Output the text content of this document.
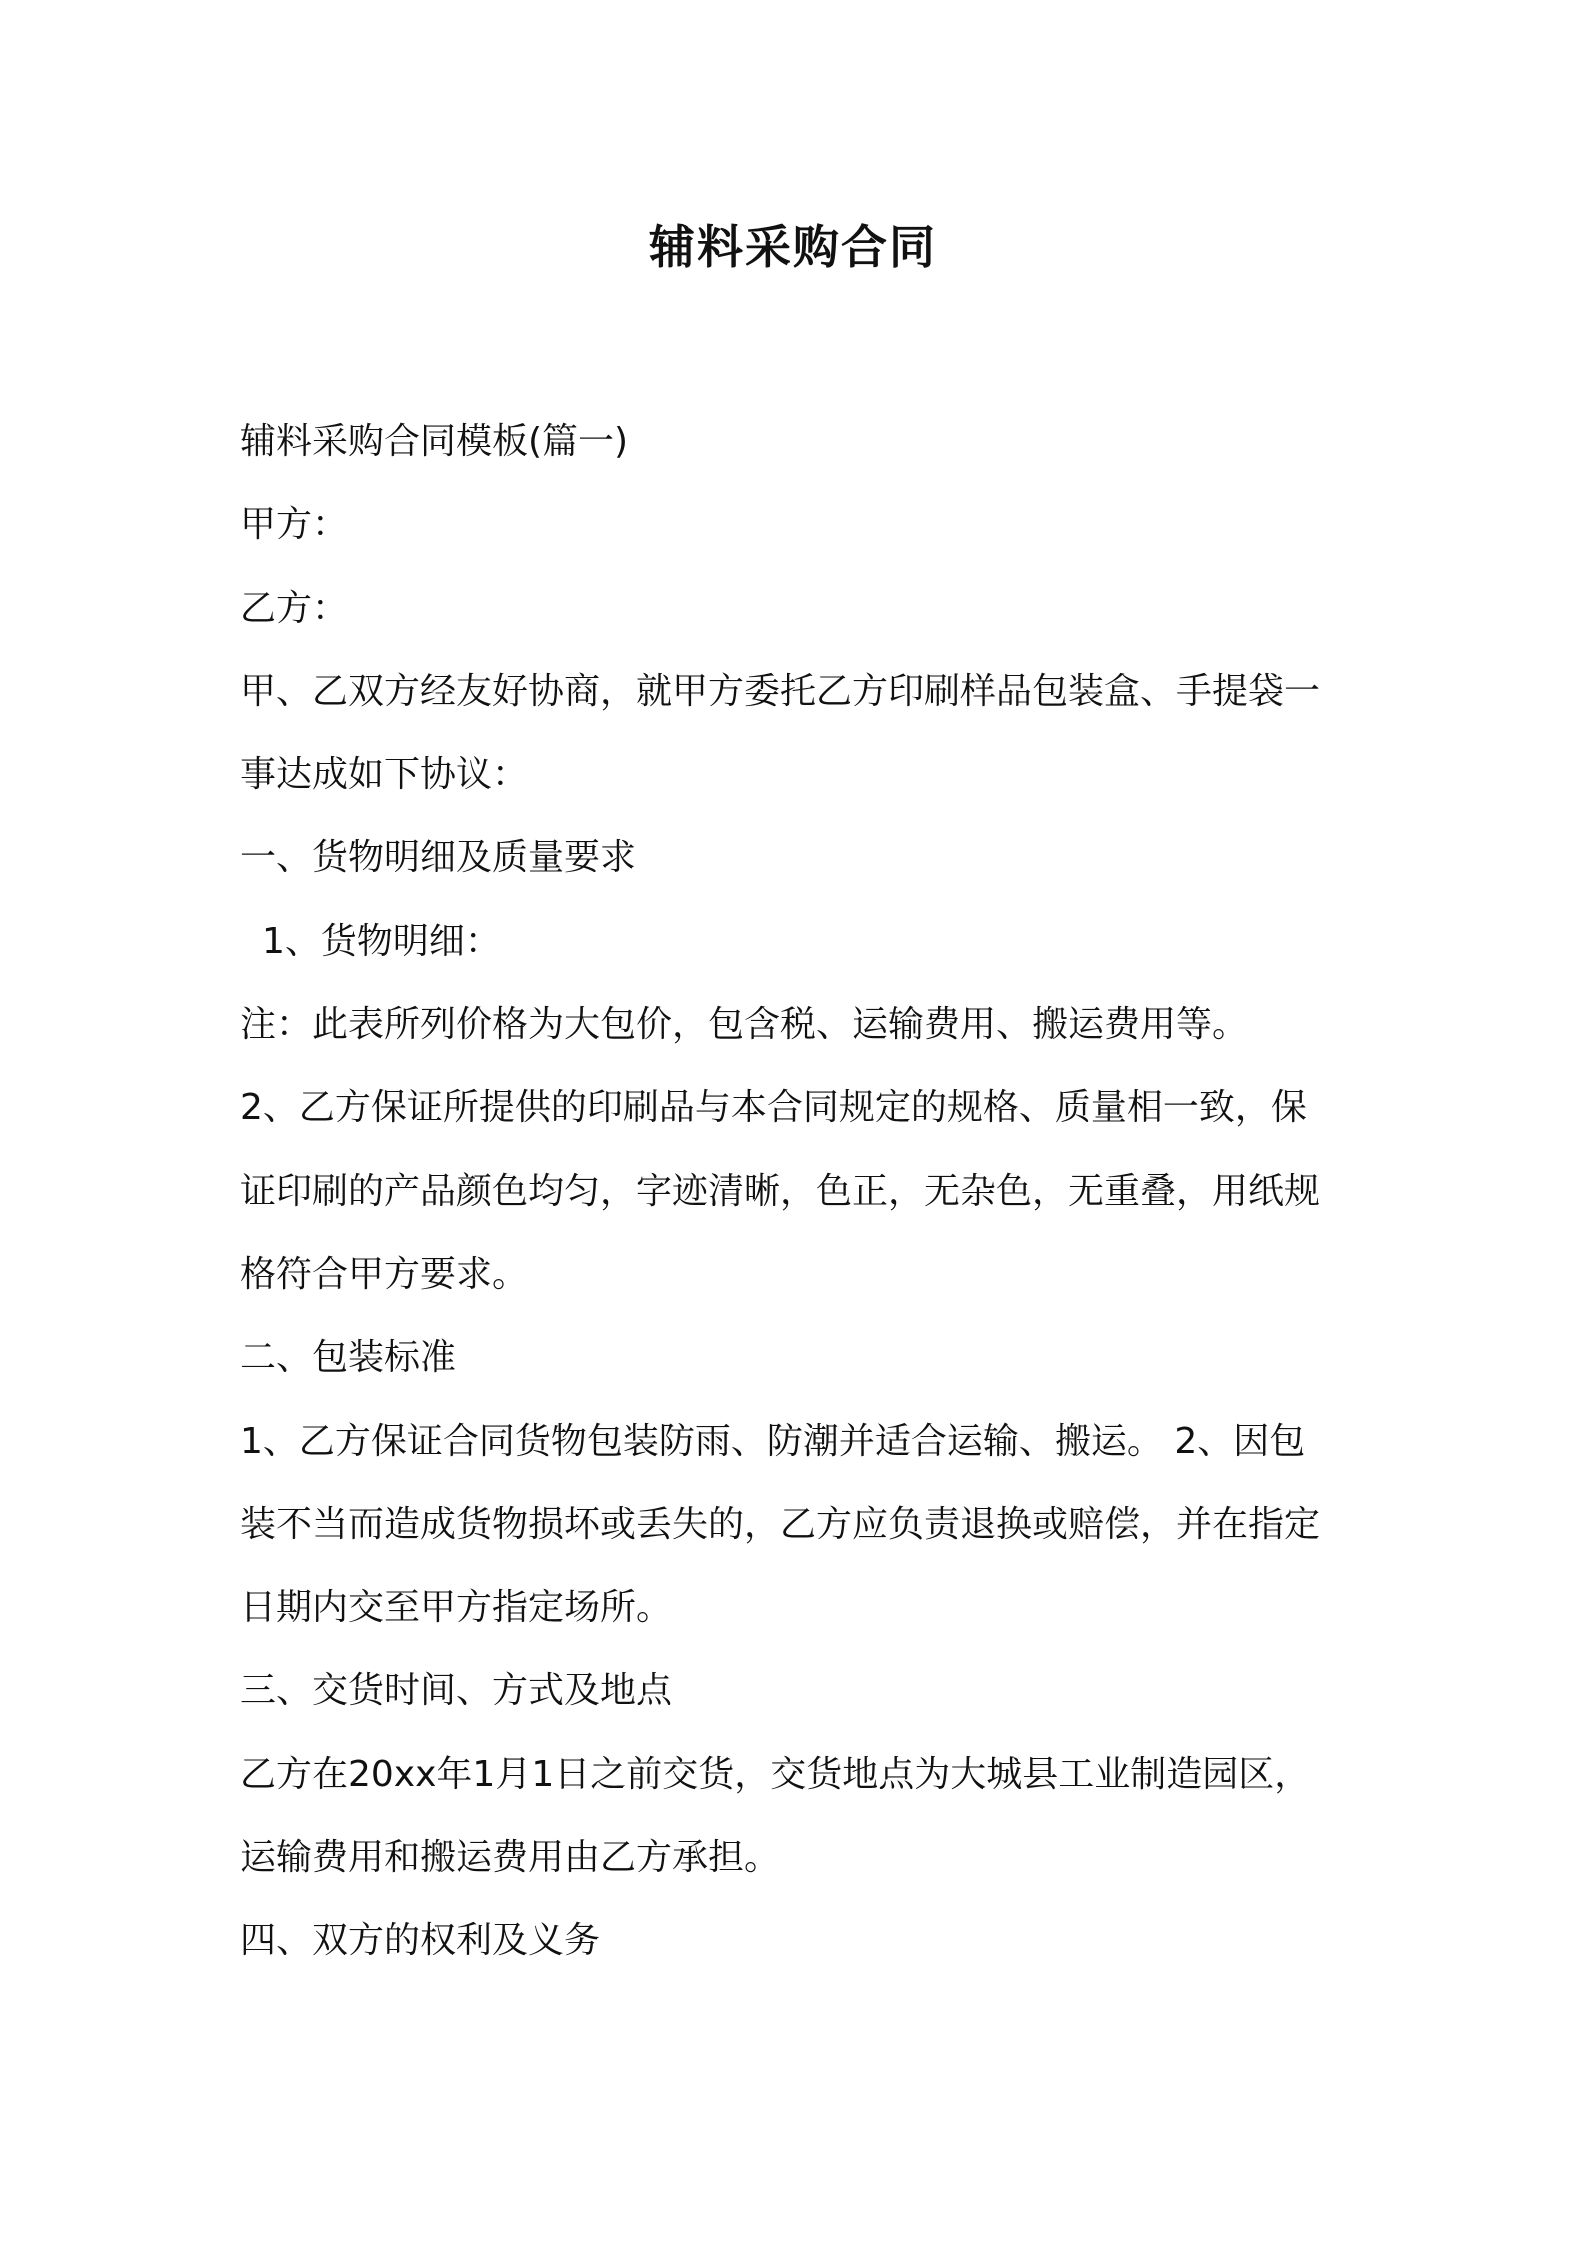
辅料采购合同
辅料采购合同模板(篇一)
甲方：
乙方：
甲、乙双方经友好协商，就甲方委托乙方印刷样品包装盒、手提袋一
事达成如下协议：
一、货物明细及质量要求
1、货物明细：
注：此表所列价格为大包价，包含税、运输费用、搬运费用等。
2、乙方保证所提供的印刷品与本合同规定的规格、质量相一致，保
证印刷的产品颜色均匀，字迹清晰，色正，无杂色，无重叠，用纸规
格符合甲方要求。
二、包装标准
1、乙方保证合同货物包装防雨、防潮并适合运输、搬运。 2、因包
装不当而造成货物损坏或丢失的，乙方应负责退换或赔偿，并在指定
日期内交至甲方指定场所。
三、交货时间、方式及地点
乙方在20xx年1月1日之前交货，交货地点为大城县工业制造园区，
运输费用和搬运费用由乙方承担。
四、双方的权利及义务
